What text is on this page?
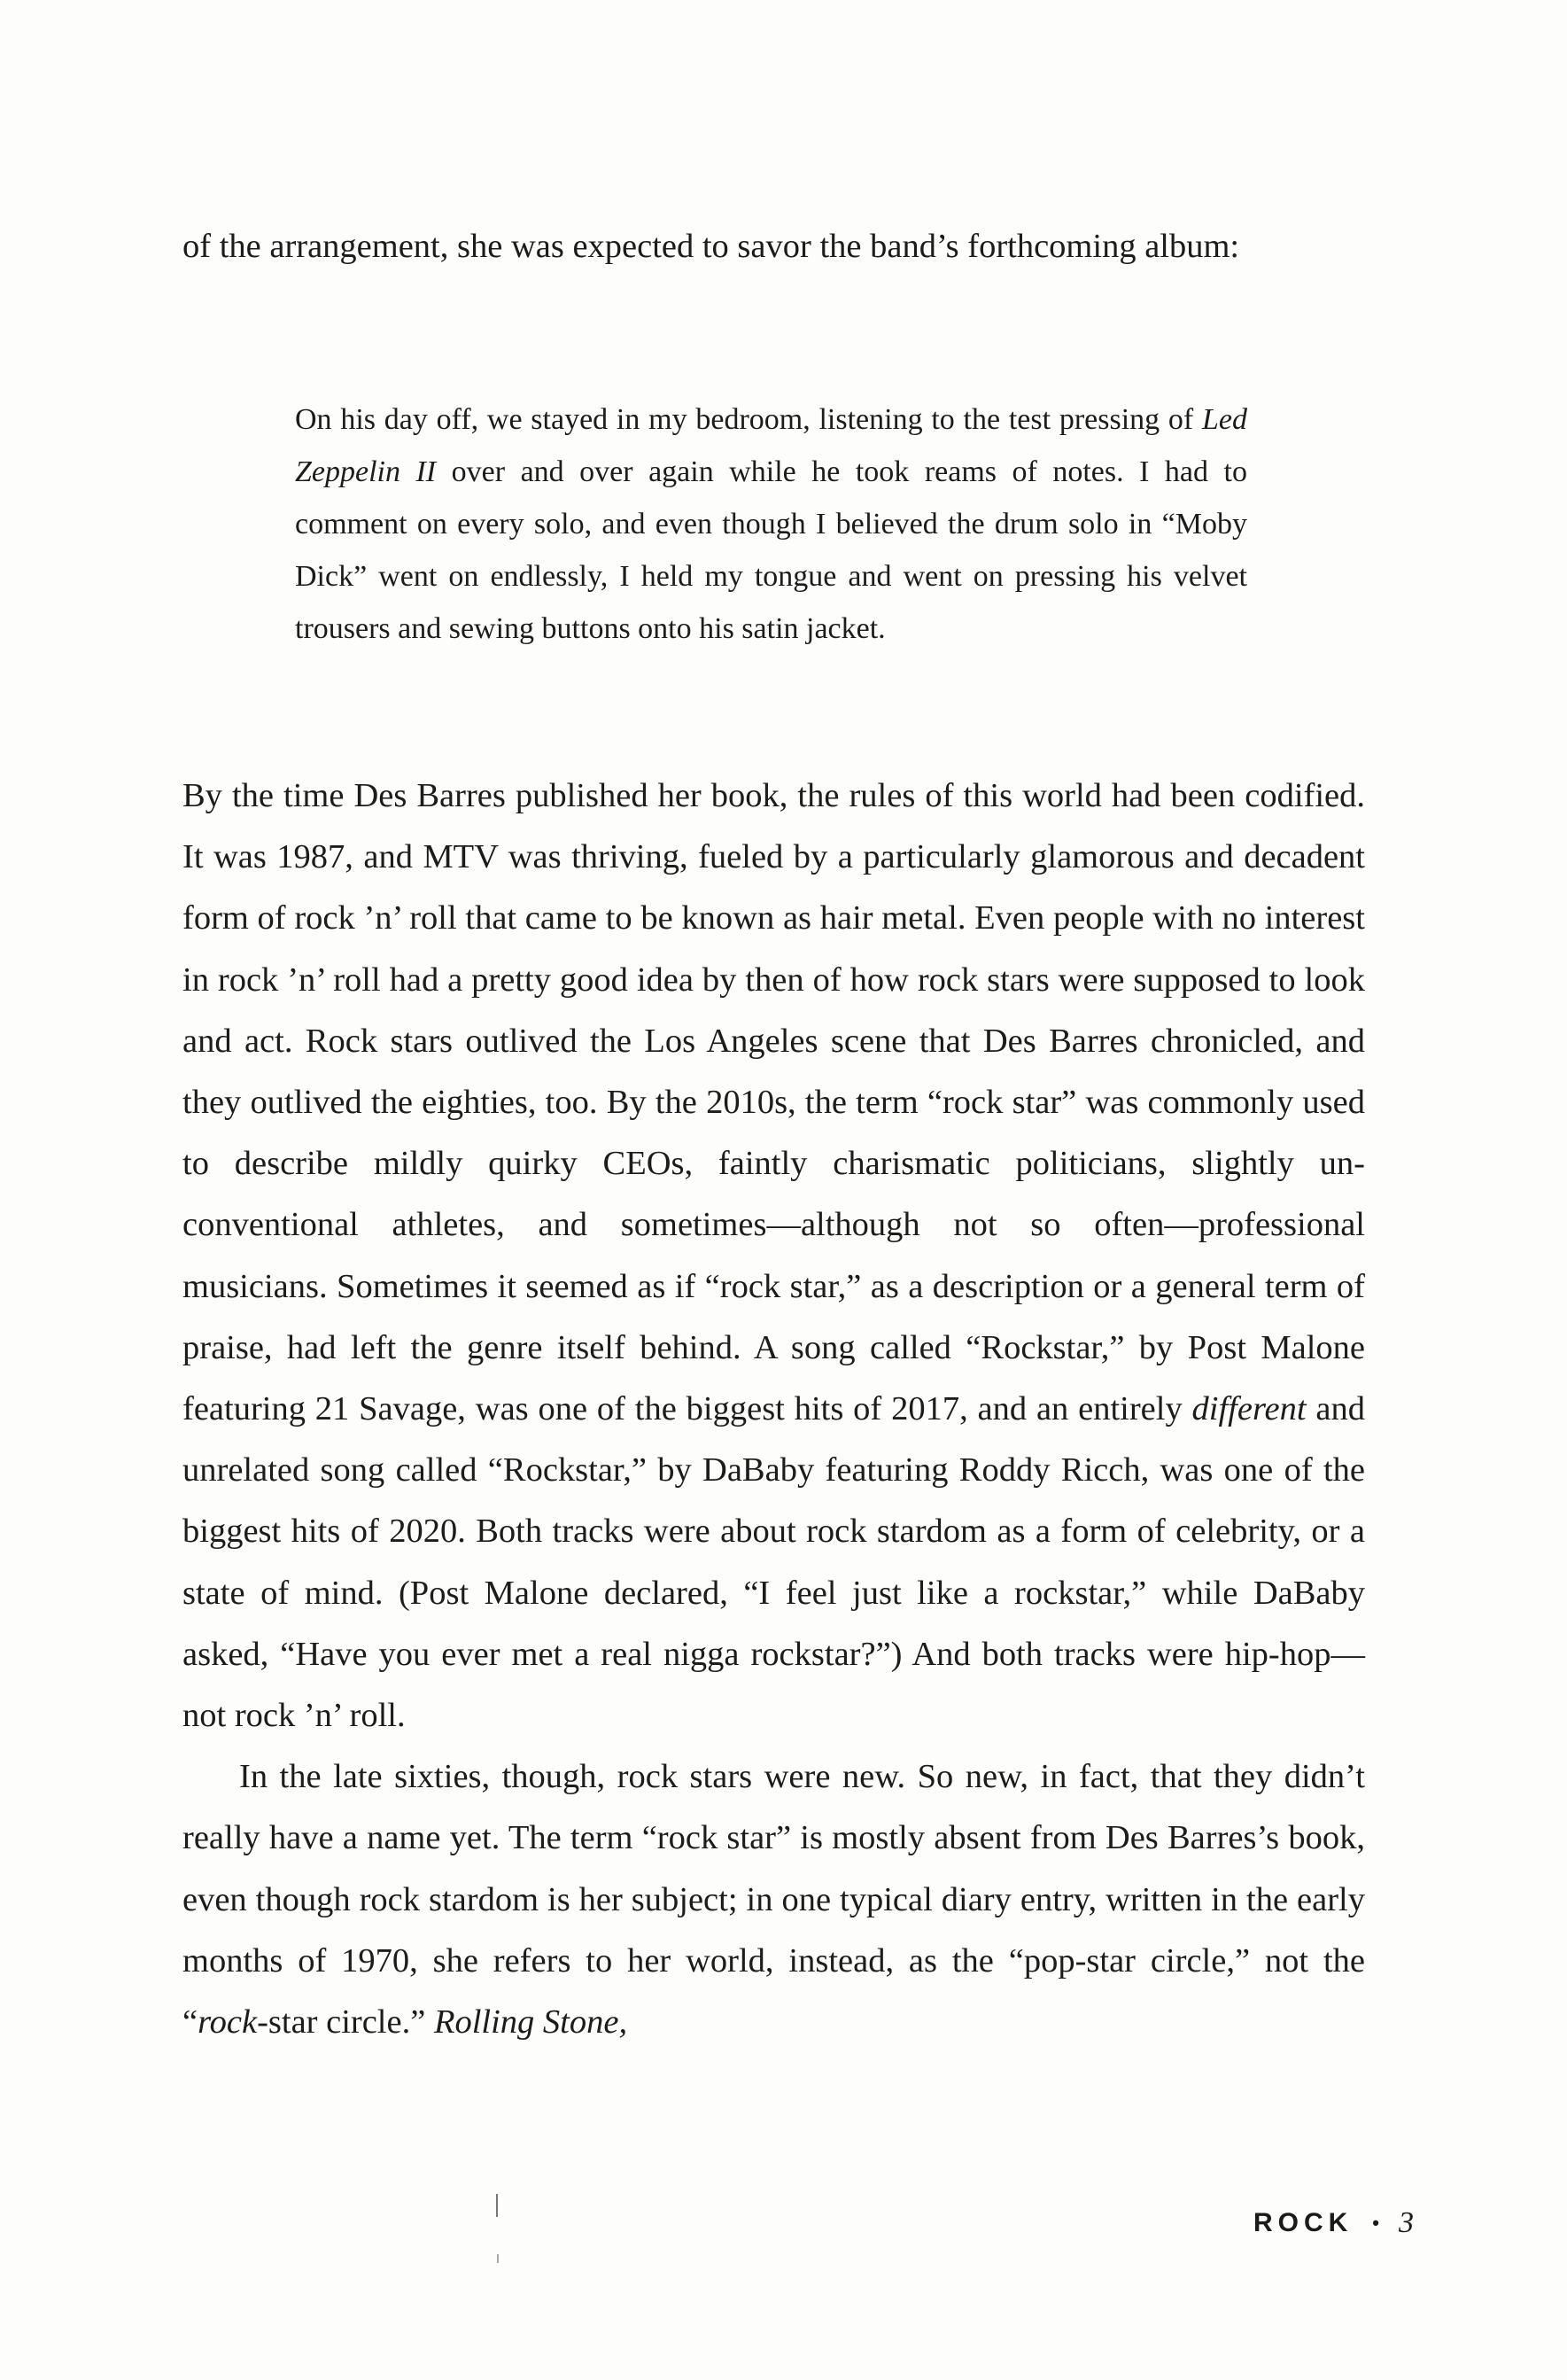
of the arrangement, she was expected to savor the band’s forthcoming album:

On his day off, we stayed in my bedroom, listening to the test pressing of Led Zeppelin II over and over again while he took reams of notes. I had to comment on every solo, and even though I believed the drum solo in “Moby Dick” went on endlessly, I held my tongue and went on pressing his velvet trousers and sewing buttons onto his satin jacket.

By the time Des Barres published her book, the rules of this world had been codified. It was 1987, and MTV was thriving, fueled by a particularly glamorous and decadent form of rock ’n’ roll that came to be known as hair metal. Even people with no interest in rock ’n’ roll had a pretty good idea by then of how rock stars were supposed to look and act. Rock stars outlived the Los Angeles scene that Des Barres chronicled, and they outlived the eighties, too. By the 2010s, the term “rock star” was commonly used to describe mildly quirky CEOs, faintly charismatic politicians, slightly unconventional athletes, and sometimes—although not so often—professional musicians. Sometimes it seemed as if “rock star,” as a description or a general term of praise, had left the genre itself behind. A song called “Rockstar,” by Post Malone featuring 21 Savage, was one of the biggest hits of 2017, and an entirely different and unrelated song called “Rockstar,” by DaBaby featuring Roddy Ricch, was one of the biggest hits of 2020. Both tracks were about rock stardom as a form of celebrity, or a state of mind. (Post Malone declared, “I feel just like a rockstar,” while DaBaby asked, “Have you ever met a real nigga rockstar?”) And both tracks were hip-hop—not rock ’n’ roll.

In the late sixties, though, rock stars were new. So new, in fact, that they didn’t really have a name yet. The term “rock star” is mostly absent from Des Barres’s book, even though rock stardom is her subject; in one typical diary entry, written in the early months of 1970, she refers to her world, instead, as the “pop-star circle,” not the “rock-star circle.” Rolling Stone,

ROCK • 3
